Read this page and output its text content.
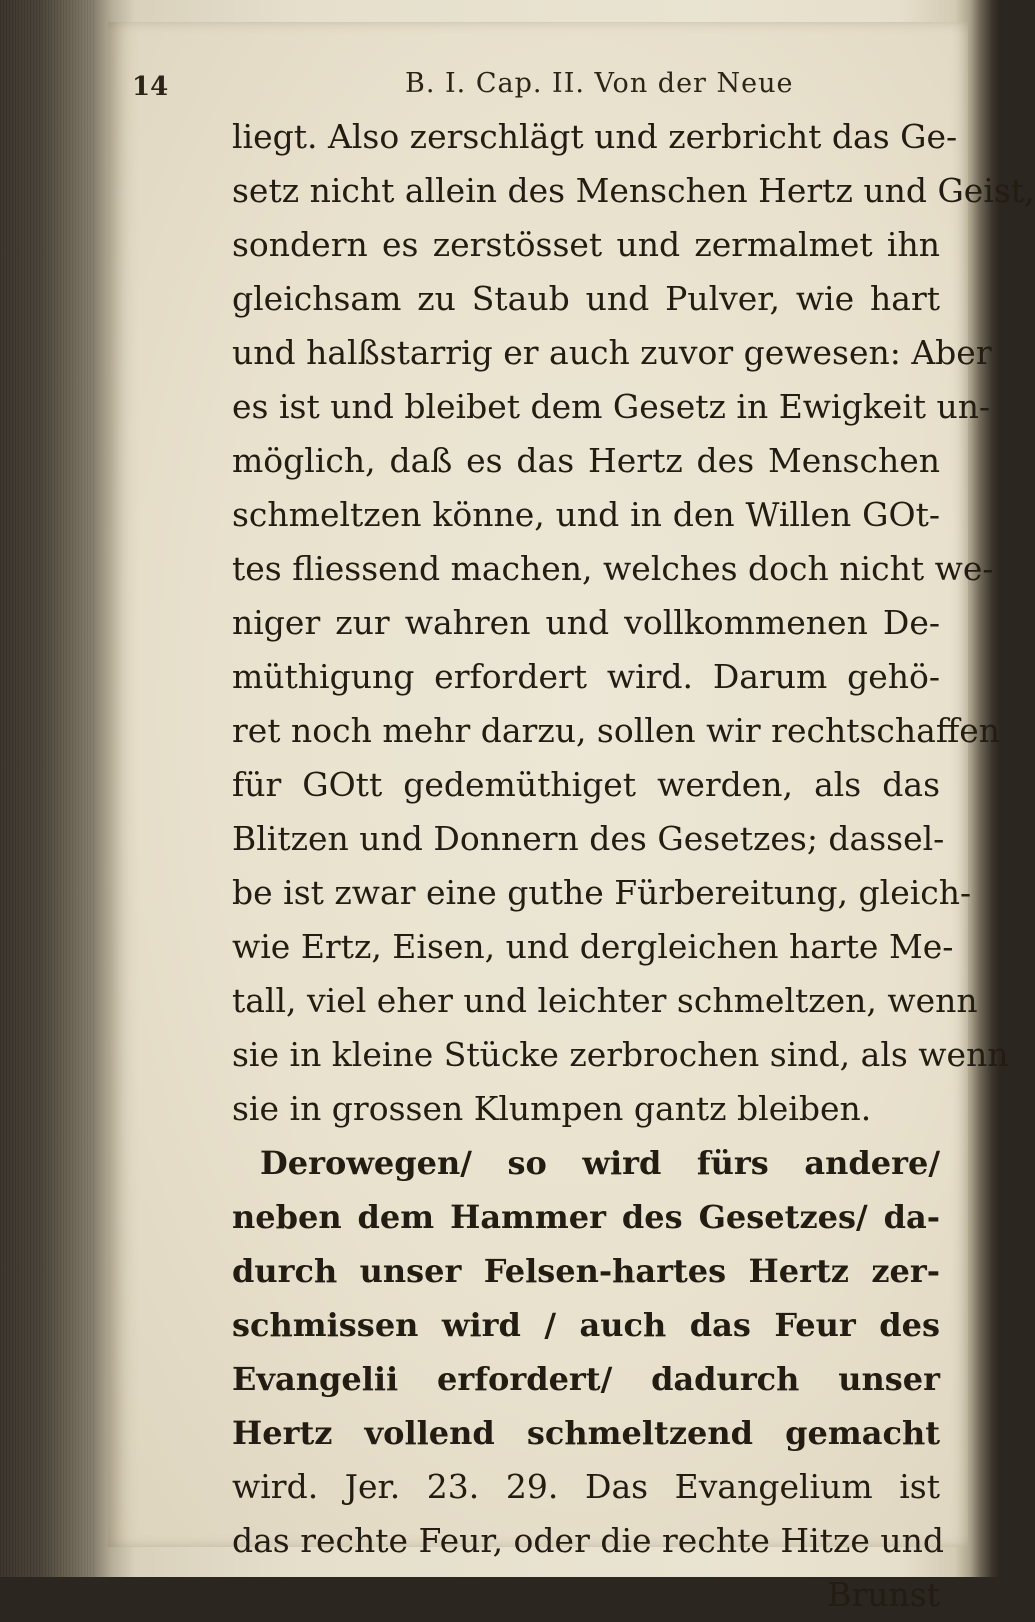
14	B. I. Cap. II. Von der Neue
liegt. Also zerschlägt und zerbricht das Ge-
setz nicht allein des Menschen Hertz und Geist,
sondern es zerstösset und zermalmet ihn
gleichsam zu Staub und Pulver, wie hart
und halßstarrig er auch zuvor gewesen: Aber
es ist und bleibet dem Gesetz in Ewigkeit un-
möglich, daß es das Hertz des Menschen
schmeltzen könne, und in den Willen GOt-
tes fliessend machen, welches doch nicht we-
niger zur wahren und vollkommenen De-
müthigung erfordert wird. Darum gehö-
ret noch mehr darzu, sollen wir rechtschaffen
für GOtt gedemüthiget werden, als das
Blitzen und Donnern des Gesetzes; dassel-
be ist zwar eine guthe Fürbereitung, gleich-
wie Ertz, Eisen, und dergleichen harte Me-
tall, viel eher und leichter schmeltzen, wenn
sie in kleine Stücke zerbrochen sind, als wenn
sie in grossen Klumpen gantz bleiben.
Derowegen/ so wird fürs andere/
neben dem Hammer des Gesetzes/ da-
durch unser Felsen-hartes Hertz zer-
schmissen wird / auch das Feur des
Evangelii erfordert/ dadurch unser
Hertz vollend schmeltzend gemacht
wird. Jer. 23. 29. Das Evangelium ist
das rechte Feur, oder die rechte Hitze und
Brunst
